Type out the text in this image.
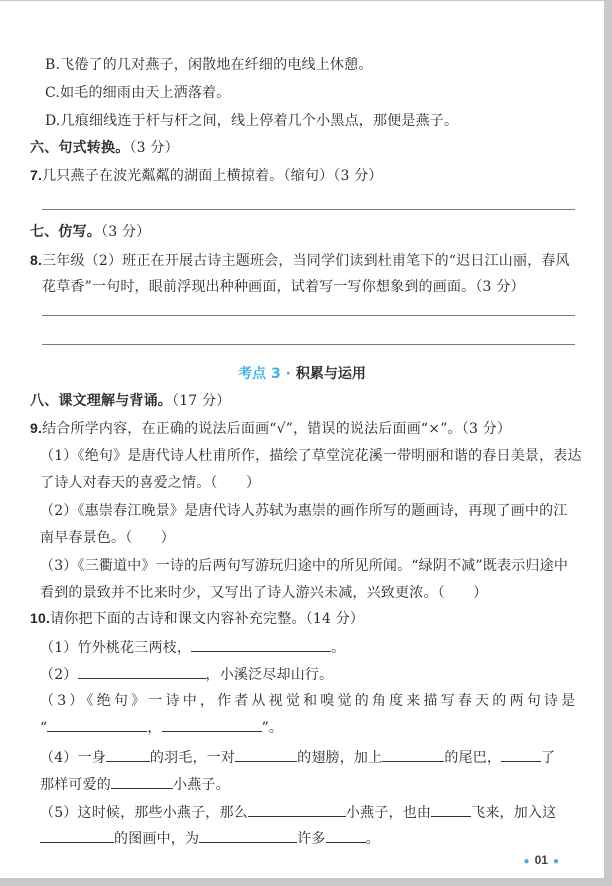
B.飞倦了的几对燕子，闲散地在纤细的电线上休憩。
C.如毛的细雨由天上洒落着。
D.几痕细线连于杆与杆之间，线上停着几个小黑点，那便是燕子。
六、句式转换。（3 分）
7.几只燕子在波光粼粼的湖面上横掠着。（缩句）（3 分）
七、仿写。（3 分）
8.三年级（2）班正在开展古诗主题班会，当同学们读到杜甫笔下的“迟日江山丽，春风
花草香”一句时，眼前浮现出种种画面，试着写一写你想象到的画面。（3 分）
考点 3 · 积累与运用
八、课文理解与背诵。（17 分）
9.结合所学内容，在正确的说法后面画“√”，错误的说法后面画“×”。（3 分）
（1）《绝句》是唐代诗人杜甫所作，描绘了草堂浣花溪一带明丽和谐的春日美景，表达
了诗人对春天的喜爱之情。（　　）
（2）《惠崇春江晚景》是唐代诗人苏轼为惠崇的画作所写的题画诗，再现了画中的江
南早春景色。（　　）
（3）《三衢道中》一诗的后两句写游玩归途中的所见所闻。“绿阴不减”既表示归途中
看到的景致并不比来时少，又写出了诗人游兴未减，兴致更浓。（　　）
10.请你把下面的古诗和课文内容补充完整。（14 分）
（1）竹外桃花三两枝，	。
（2）	，小溪泛尽却山行。
（3）《绝句》一诗中，作者从视觉和嗅觉的角度来描写春天的两句诗是
“	，	”。
（4）一身	的羽毛，一对	的翅膀，加上	的尾巴，	了
那样可爱的	小燕子。
（5）这时候，那些小燕子，那么	小燕子，也由	飞来，加入这
的图画中，为	许多	。
● 01 ●
